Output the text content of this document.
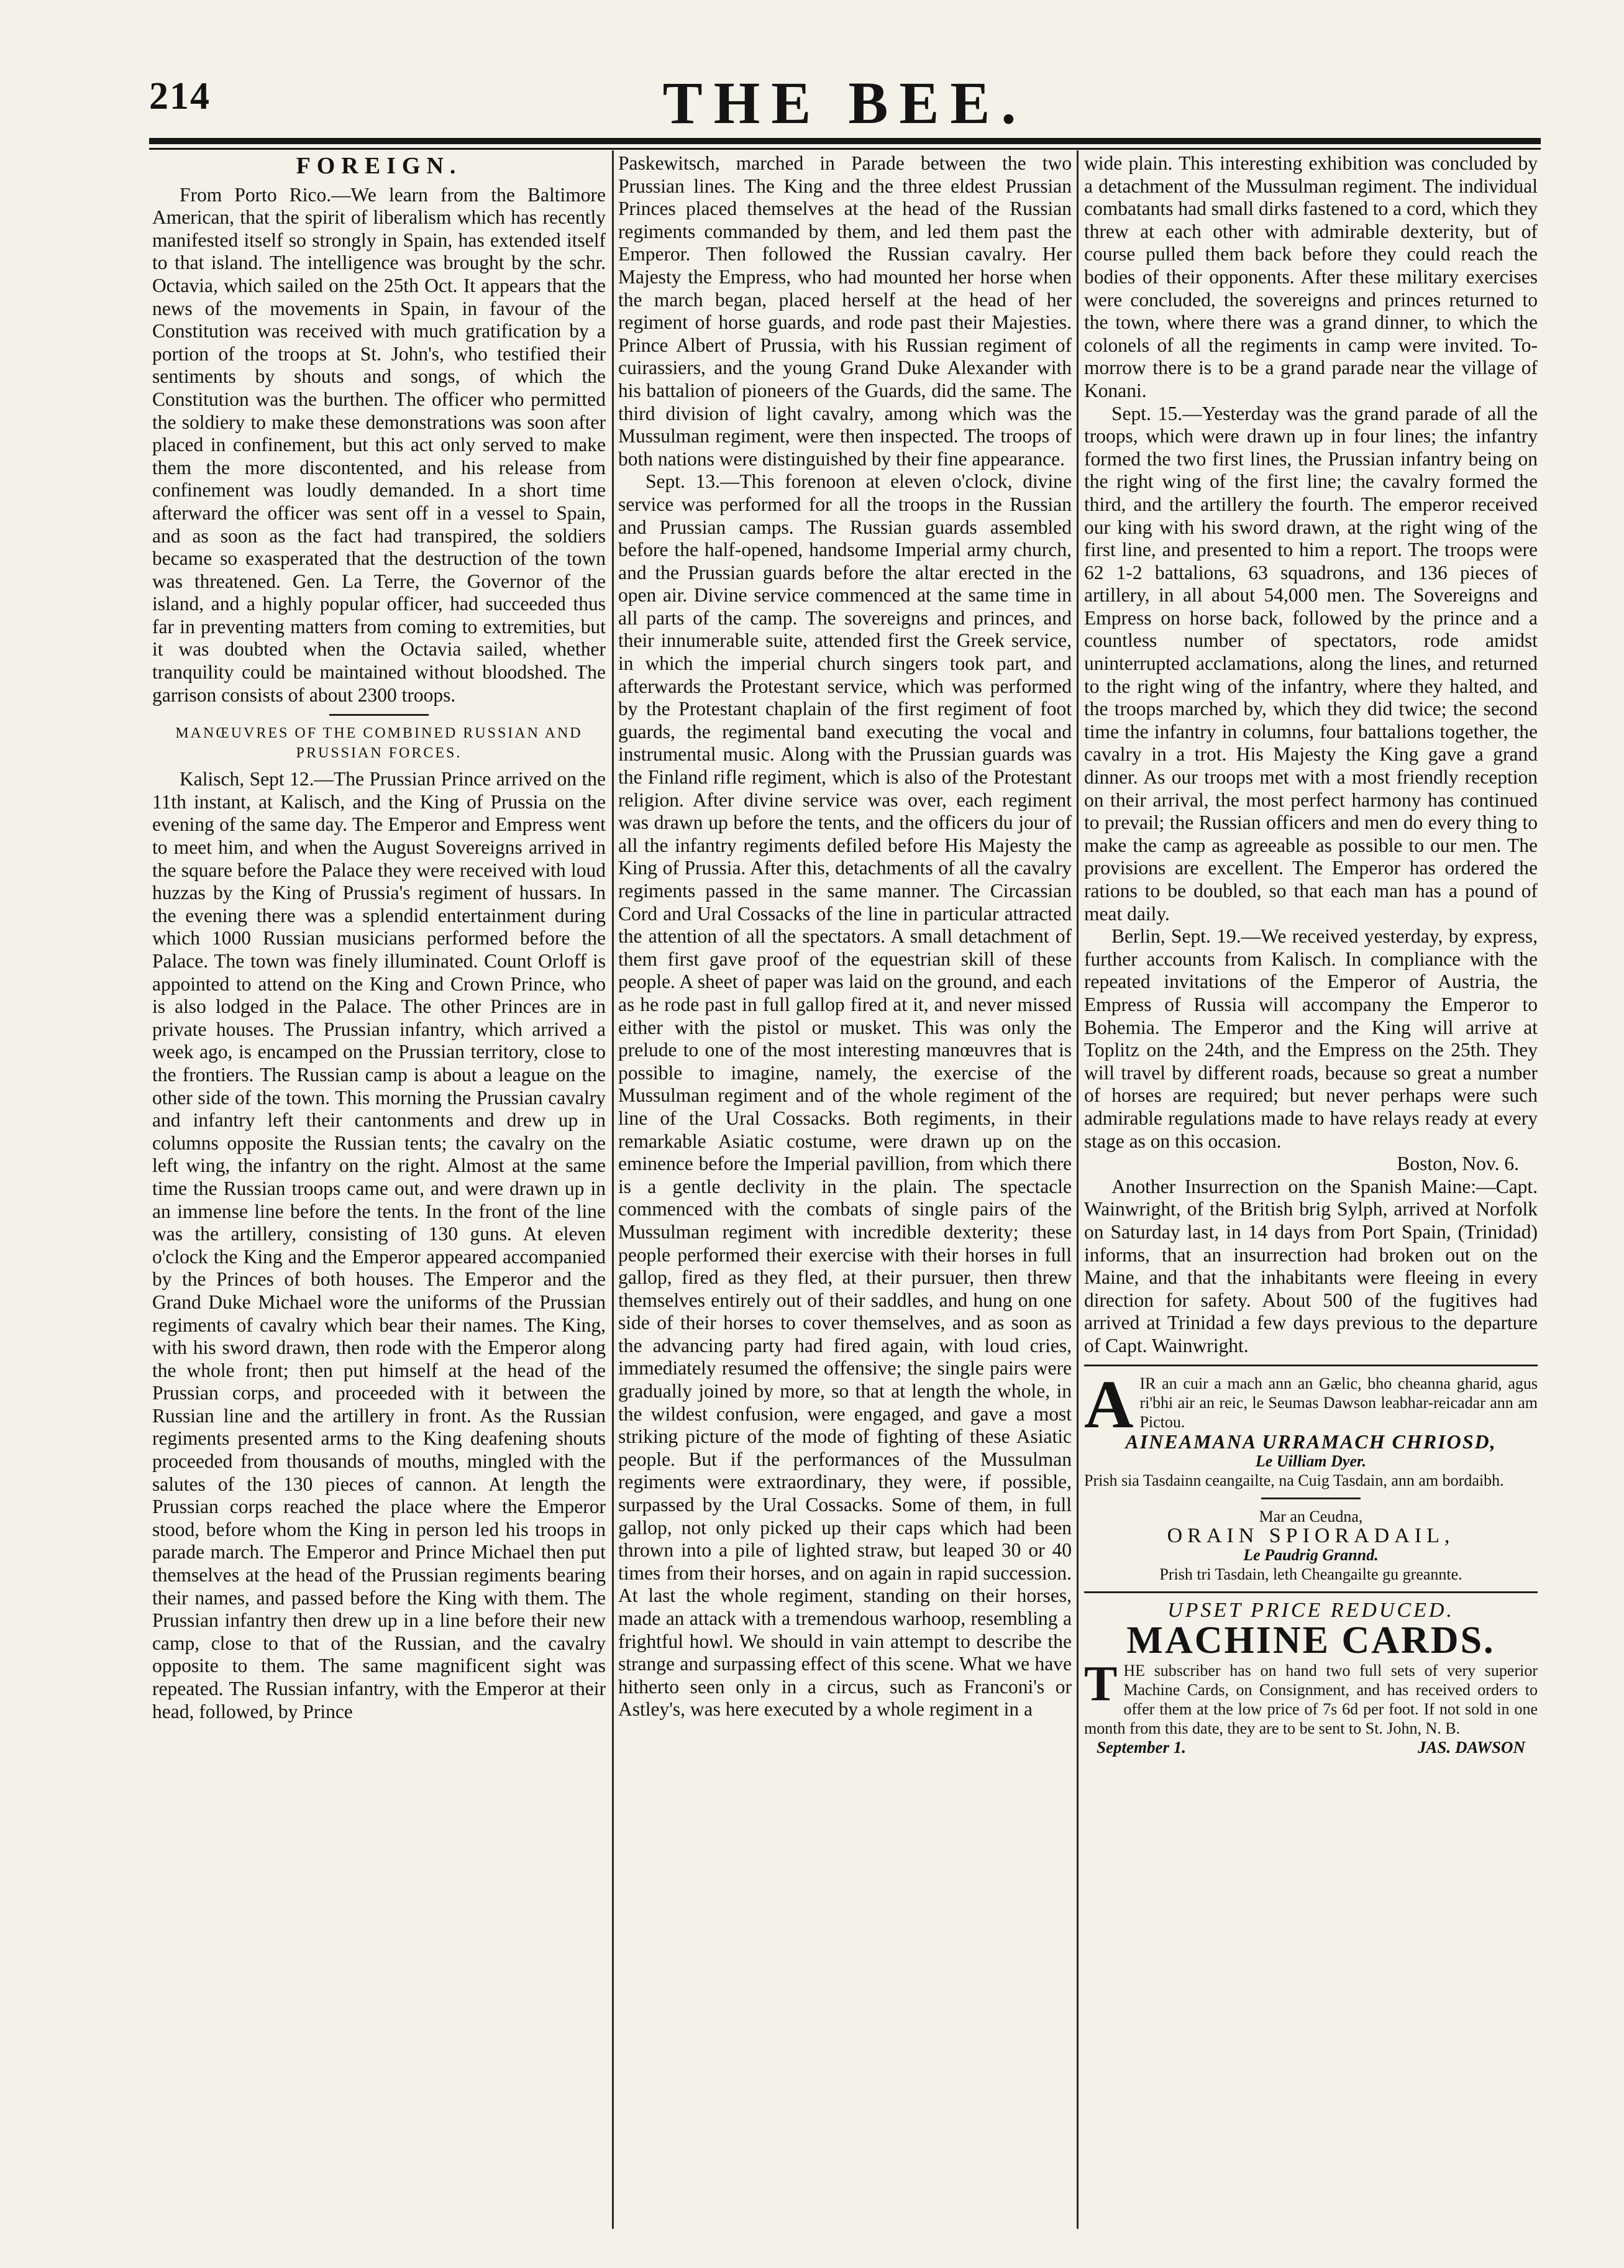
214	THE BEE.
FOREIGN.

From Porto Rico.—We learn from the Baltimore American, that the spirit of liberalism which has recently manifested itself so strongly in Spain, has extended itself to that island. The intelligence was brought by the schr. Octavia, which sailed on the 25th Oct. It appears that the news of the movements in Spain, in favour of the Constitution was received with much gratification by a portion of the troops at St. John's, who testified their sentiments by shouts and songs, of which the Constitution was the burthen. The officer who permitted the soldiery to make these demonstrations was soon after placed in confinement, but this act only served to make them the more discontented, and his release from confinement was loudly demanded. In a short time afterward the officer was sent off in a vessel to Spain, and as soon as the fact had transpired, the soldiers became so exasperated that the destruction of the town was threatened. Gen. La Terre, the Governor of the island, and a highly popular officer, had succeeded thus far in preventing matters from coming to extremities, but it was doubted when the Octavia sailed, whether tranquility could be maintained without bloodshed. The garrison consists of about 2300 troops.

MANŒUVRES OF THE COMBINED RUSSIAN AND PRUSSIAN FORCES.

Kalisch, Sept 12.—The Prussian Prince arrived on the 11th instant, at Kalisch, and the King of Prussia on the evening of the same day. The Emperor and Empress went to meet him, and when the August Sovereigns arrived in the square before the Palace they were received with loud huzzas by the King of Prussia's regiment of hussars. In the evening there was a splendid entertainment during which 1000 Russian musicians performed before the Palace. The town was finely illuminated. Count Orloff is appointed to attend on the King and Crown Prince, who is also lodged in the Palace. The other Princes are in private houses. The Prussian infantry, which arrived a week ago, is encamped on the Prussian territory, close to the frontiers. The Russian camp is about a league on the other side of the town. This morning the Prussian cavalry and infantry left their cantonments and drew up in columns opposite the Russian tents; the cavalry on the left wing, the infantry on the right. Almost at the same time the Russian troops came out, and were drawn up in an immense line before the tents. In the front of the line was the artillery, consisting of 130 guns. At eleven o'clock the King and the Emperor appeared accompanied by the Princes of both houses. The Emperor and the Grand Duke Michael wore the uniforms of the Prussian regiments of cavalry which bear their names. The King, with his sword drawn, then rode with the Emperor along the whole front; then put himself at the head of the Prussian corps, and proceeded with it between the Russian line and the artillery in front. As the Russian regiments presented arms to the King deafening shouts proceeded from thousands of mouths, mingled with the salutes of the 130 pieces of cannon. At length the Prussian corps reached the place where the Emperor stood, before whom the King in person led his troops in parade march. The Emperor and Prince Michael then put themselves at the head of the Prussian regiments bearing their names, and passed before the King with them. The Prussian infantry then drew up in a line before their new camp, close to that of the Russian, and the cavalry opposite to them. The same magnificent sight was repeated. The Russian infantry, with the Emperor at their head, followed, by Prince

Paskewitsch, marched in Parade between the two Prussian lines. The King and the three eldest Prussian Princes placed themselves at the head of the Russian regiments commanded by them, and led them past the Emperor. Then followed the Russian cavalry. Her Majesty the Empress, who had mounted her horse when the march began, placed herself at the head of her regiment of horse guards, and rode past their Majesties. Prince Albert of Prussia, with his Russian regiment of cuirassiers, and the young Grand Duke Alexander with his battalion of pioneers of the Guards, did the same. The third division of light cavalry, among which was the Mussulman regiment, were then inspected. The troops of both nations were distinguished by their fine appearance.

Sept. 13.—This forenoon at eleven o'clock, divine service was performed for all the troops in the Russian and Prussian camps. The Russian guards assembled before the half-opened, handsome Imperial army church, and the Prussian guards before the altar erected in the open air. Divine service commenced at the same time in all parts of the camp. The sovereigns and princes, and their innumerable suite, attended first the Greek service, in which the imperial church singers took part, and afterwards the Protestant service, which was performed by the Protestant chaplain of the first regiment of foot guards, the regimental band executing the vocal and instrumental music. Along with the Prussian guards was the Finland rifle regiment, which is also of the Protestant religion. After divine service was over, each regiment was drawn up before the tents, and the officers du jour of all the infantry regiments defiled before His Majesty the King of Prussia. After this, detachments of all the cavalry regiments passed in the same manner. The Circassian Cord and Ural Cossacks of the line in particular attracted the attention of all the spectators. A small detachment of them first gave proof of the equestrian skill of these people. A sheet of paper was laid on the ground, and each as he rode past in full gallop fired at it, and never missed either with the pistol or musket. This was only the prelude to one of the most interesting manœuvres that is possible to imagine, namely, the exercise of the Mussulman regiment and of the whole regiment of the line of the Ural Cossacks. Both regiments, in their remarkable Asiatic costume, were drawn up on the eminence before the Imperial pavillion, from which there is a gentle declivity in the plain. The spectacle commenced with the combats of single pairs of the Mussulman regiment with incredible dexterity; these people performed their exercise with their horses in full gallop, fired as they fled, at their pursuer, then threw themselves entirely out of their saddles, and hung on one side of their horses to cover themselves, and as soon as the advancing party had fired again, with loud cries, immediately resumed the offensive; the single pairs were gradually joined by more, so that at length the whole, in the wildest confusion, were engaged, and gave a most striking picture of the mode of fighting of these Asiatic people. But if the performances of the Mussulman regiments were extraordinary, they were, if possible, surpassed by the Ural Cossacks. Some of them, in full gallop, not only picked up their caps which had been thrown into a pile of lighted straw, but leaped 30 or 40 times from their horses, and on again in rapid succession. At last the whole regiment, standing on their horses, made an attack with a tremendous warhoop, resembling a frightful howl. We should in vain attempt to describe the strange and surpassing effect of this scene. What we have hitherto seen only in a circus, such as Franconi's or Astley's, was here executed by a whole regiment in a

wide plain. This interesting exhibition was concluded by a detachment of the Mussulman regiment. The individual combatants had small dirks fastened to a cord, which they threw at each other with admirable dexterity, but of course pulled them back before they could reach the bodies of their opponents. After these military exercises were concluded, the sovereigns and princes returned to the town, where there was a grand dinner, to which the colonels of all the regiments in camp were invited. To-morrow there is to be a grand parade near the village of Konani.

Sept. 15.—Yesterday was the grand parade of all the troops, which were drawn up in four lines; the infantry formed the two first lines, the Prussian infantry being on the right wing of the first line; the cavalry formed the third, and the artillery the fourth. The emperor received our king with his sword drawn, at the right wing of the first line, and presented to him a report. The troops were 62 1-2 battalions, 63 squadrons, and 136 pieces of artillery, in all about 54,000 men. The Sovereigns and Empress on horse back, followed by the prince and a countless number of spectators, rode amidst uninterrupted acclamations, along the lines, and returned to the right wing of the infantry, where they halted, and the troops marched by, which they did twice; the second time the infantry in columns, four battalions together, the cavalry in a trot. His Majesty the King gave a grand dinner. As our troops met with a most friendly reception on their arrival, the most perfect harmony has continued to prevail; the Russian officers and men do every thing to make the camp as agreeable as possible to our men. The provisions are excellent. The Emperor has ordered the rations to be doubled, so that each man has a pound of meat daily.

Berlin, Sept. 19.—We received yesterday, by express, further accounts from Kalisch. In compliance with the repeated invitations of the Emperor of Austria, the Empress of Russia will accompany the Emperor to Bohemia. The Emperor and the King will arrive at Toplitz on the 24th, and the Empress on the 25th. They will travel by different roads, because so great a number of horses are required; but never perhaps were such admirable regulations made to have relays ready at every stage as on this occasion.

Boston, Nov. 6.

Another Insurrection on the Spanish Maine:—Capt. Wainwright, of the British brig Sylph, arrived at Norfolk on Saturday last, in 14 days from Port Spain, (Trinidad) informs, that an insurrection had broken out on the Maine, and that the inhabitants were fleeing in every direction for safety. About 500 of the fugitives had arrived at Trinidad a few days previous to the departure of Capt. Wainwright.

A IR an cuir a mach ann an Gælic, bho cheanna gharid, agus ri'bhi air an reic, le Seumas Dawson leabhar-reicadar ann am Pictou.

AINEAMANA URRAMACH CHRIOSD,

Le Uilliam Dyer.

Prish sia Tasdainn ceangailte, na Cuig Tasdain, ann am bordaibh.

Mar an Ceudna,

ORAIN SPIORADAIL,

Le Paudrig Grannd.

Prish tri Tasdain, leth Cheangailte gu greannte.

UPSET PRICE REDUCED.

MACHINE CARDS.

T HE subscriber has on hand two full sets of very superior Machine Cards, on Consignment, and has received orders to offer them at the low price of 7s 6d per foot. If not sold in one month from this date, they are to be sent to St. John, N. B.

September 1.	JAS. DAWSON
